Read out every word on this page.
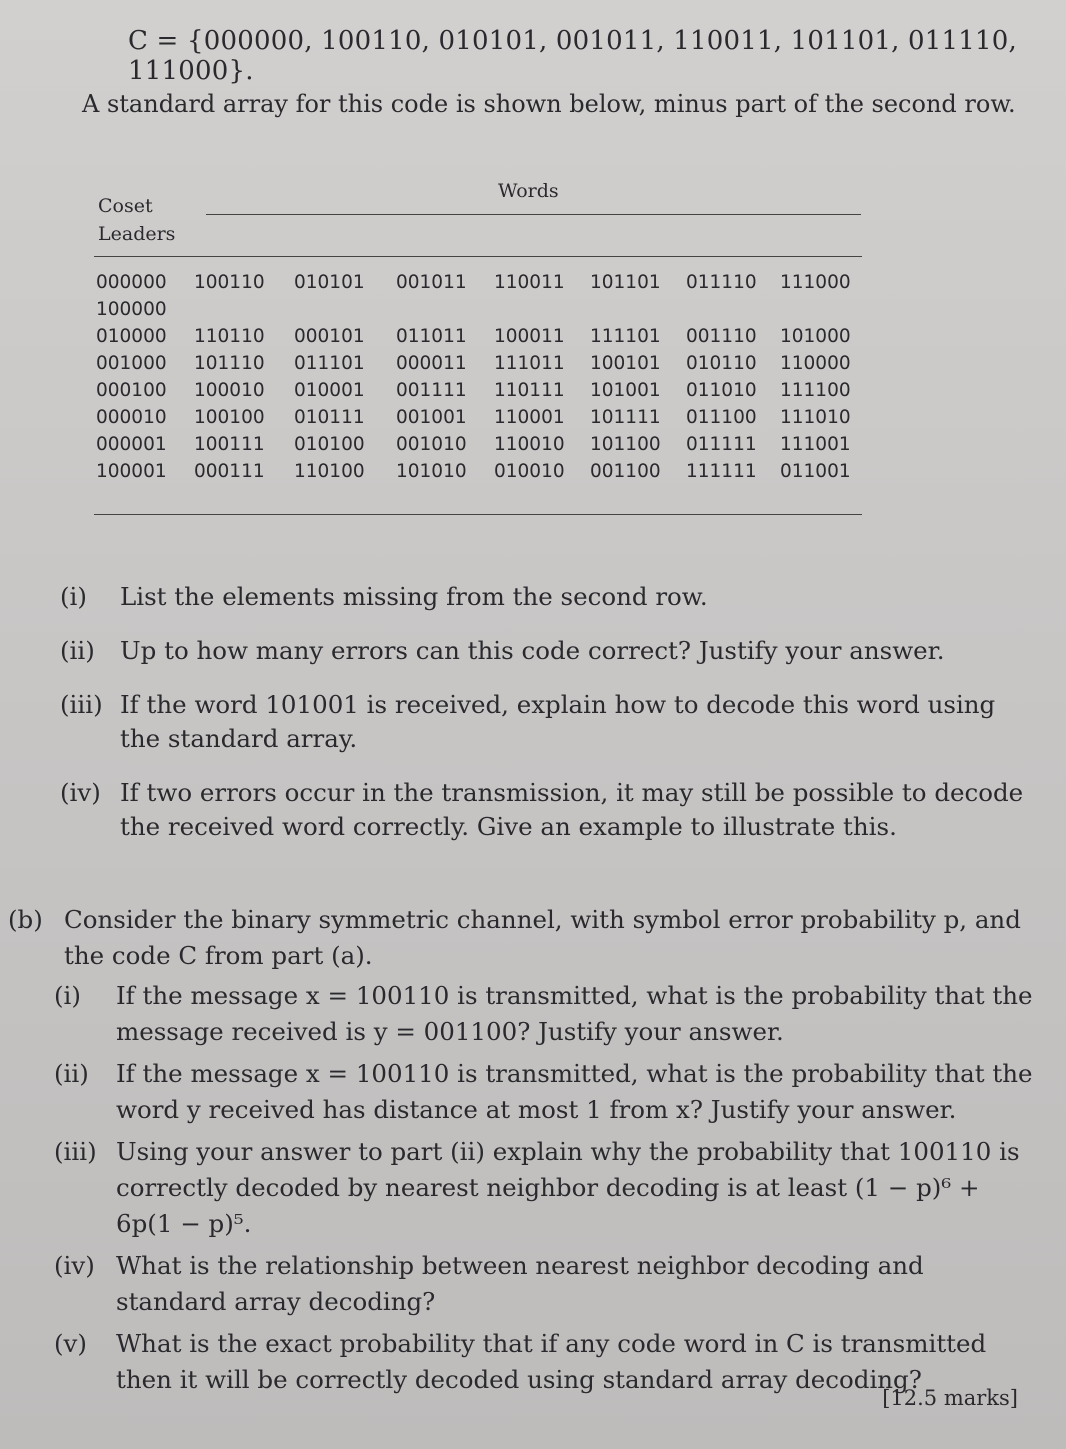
C = {000000, 100110, 010101, 001011, 110011, 101101, 011110, 111000}.
A standard array for this code is shown below, minus part of the second row.
Words
Coset
Leaders
000000 100110 010101 001011 110011 101101 011110 111000
100000
010000 110110 000101 011011 100011 111101 001110 101000
001000 101110 011101 000011 111011 100101 010110 110000
000100 100010 010001 001111 110111 101001 011010 111100
000010 100100 010111 001001 110001 101111 011100 111010
000001 100111 010100 001010 110010 101100 011111 111001
100001 000111 110100 101010 010010 001100 111111 011001
(i) List the elements missing from the second row.
(ii) Up to how many errors can this code correct? Justify your answer.
(iii) If the word 101001 is received, explain how to decode this word using the standard array.
(iv) If two errors occur in the transmission, it may still be possible to decode the received word correctly. Give an example to illustrate this.
(b) Consider the binary symmetric channel, with symbol error probability p, and the code C from part (a).
(i) If the message x = 100110 is transmitted, what is the probability that the message received is y = 001100? Justify your answer.
(ii) If the message x = 100110 is transmitted, what is the probability that the word y received has distance at most 1 from x? Justify your answer.
(iii) Using your answer to part (ii) explain why the probability that 100110 is correctly decoded by nearest neighbor decoding is at least (1 − p)⁶ + 6p(1 − p)⁵.
(iv) What is the relationship between nearest neighbor decoding and standard array decoding?
(v) What is the exact probability that if any code word in C is transmitted then it will be correctly decoded using standard array decoding?
[12.5 marks]
